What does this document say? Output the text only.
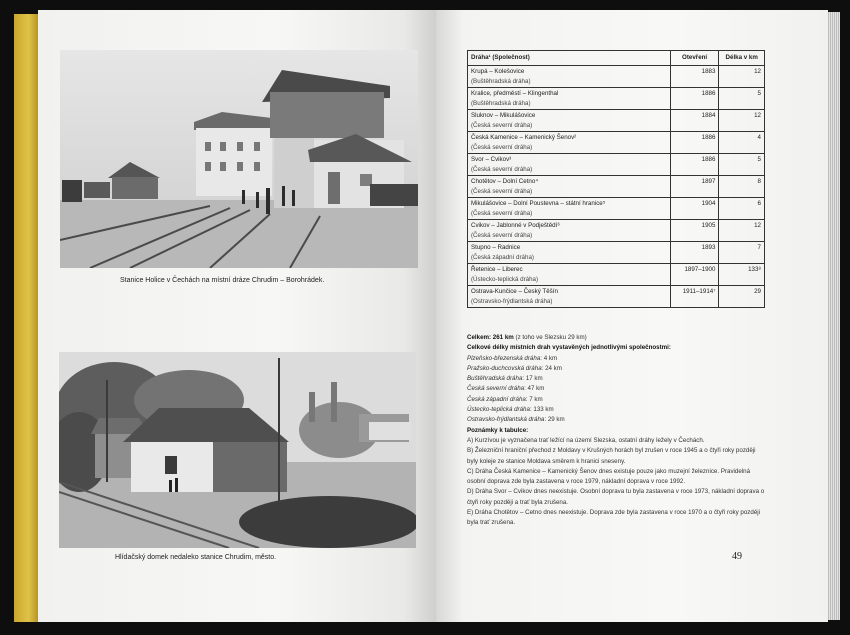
Stanice Holice v Čechách na místní dráze Chrudim – Borohrádek.
Hlídačský domek nedaleko stanice Chrudim, město.
Dráha¹ (Společnost)	Otevření	Délka v km
Krupá – Kolešovice
(Buštěhradská dráha)	1883	12
Kralice, předměstí – Klingenthal
(Buštěhradská dráha)	1886	5
Sluknov – Mikulášovice
(Česká severní dráha)	1884	12
Česká Kamenice – Kamenický Šenov²
(Česká severní dráha)	1886	4
Svor – Cvikov³
(Česká severní dráha)	1886	5
Chotětov – Dolní Cetno⁴
(Česká severní dráha)	1897	8
Mikulášovice – Dolní Poustevna – státní hranice⁵
(Česká severní dráha)	1904	6
Cvikov – Jablonné v Podještědí⁶
(Česká severní dráha)	1905	12
Stupno – Radnice
(Česká západní dráha)	1893	7
Řetenice – Liberec
(Ústecko-teplická dráha)	1897–1900	133⁸
Ostrava-Kunčice – Český Těšín
(Ostravsko-frýdlantská dráha)	1911–1914⁷	29

Celkem: 261 km (z toho ve Slezsku 29 km)

Celkové délky místních drah vystavěných jednotlivými společnostmi:

Plzeňsko-březenská dráha: 4 km

Pražsko-duchcovská dráha: 24 km

Buštěhradská dráha: 17 km

Česká severní dráha: 47 km

Česká západní dráha: 7 km

Ústecko-teplická dráha: 133 km

Ostravsko-frýdlantská dráha: 29 km

Poznámky k tabulce:

A) Kurzívou je vyznačena trať ležící na území Slezska, ostatní dráhy ležely v Čechách.

B) Železniční hraniční přechod z Moldavy v Krušných horách byl zrušen v roce 1945 a o čtyři roky později byly koleje ze stanice Moldava směrem k hranici sneseny.

C) Dráha Česká Kamenice – Kamenický Šenov dnes existuje pouze jako muzejní železnice. Pravidelná osobní doprava zde byla zastavena v roce 1979, nákladní doprava v roce 1992.

D) Dráha Svor – Cvikov dnes neexistuje. Osobní doprava tu byla zastavena v roce 1973, nákladní doprava o čtyři roky později a trať byla zrušena.

E) Dráha Chotětov – Cetno dnes neexistuje. Doprava zde byla zastavena v roce 1970 a o čtyři roky později byla trať zrušena.

49
